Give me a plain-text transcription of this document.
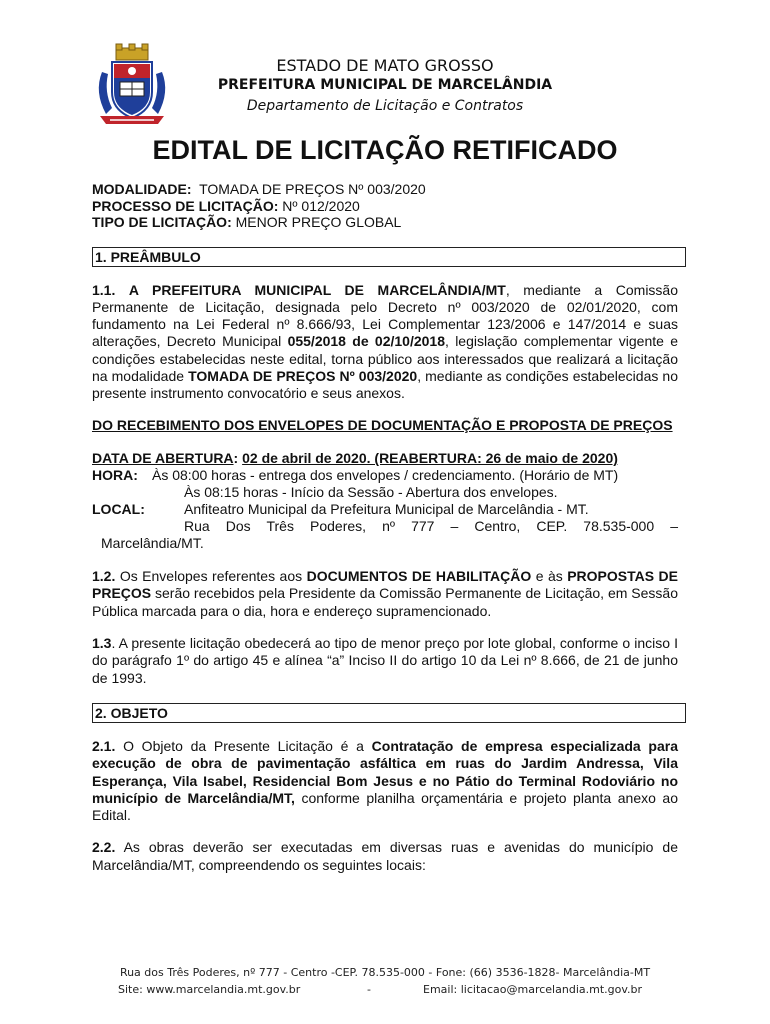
ESTADO DE MATO GROSSO

PREFEITURA MUNICIPAL DE MARCELÂNDIA

Departamento de Licitação e Contratos

EDITAL DE LICITAÇÃO RETIFICADO
MODALIDADE:  TOMADA DE PREÇOS Nº 003/2020
PROCESSO DE LICITAÇÃO: Nº 012/2020
TIPO DE LICITAÇÃO: MENOR PREÇO GLOBAL
1. PREÂMBULO

1.1. A PREFEITURA MUNICIPAL DE MARCELÂNDIA/MT, mediante a Comissão Permanente de Licitação, designada pelo Decreto nº 003/2020 de 02/01/2020, com fundamento na Lei Federal nº 8.666/93, Lei Complementar 123/2006 e 147/2014 e suas alterações, Decreto Municipal 055/2018 de 02/10/2018, legislação complementar vigente e condições estabelecidas neste edital, torna público aos interessados que realizará a licitação na modalidade TOMADA DE PREÇOS Nº 003/2020, mediante as condições estabelecidas no presente instrumento convocatório e seus anexos.

DO RECEBIMENTO DOS ENVELOPES DE DOCUMENTAÇÃO E PROPOSTA DE PREÇOS

DATA DE ABERTURA: 02 de abril de 2020. (REABERTURA: 26 de maio de 2020)

HORA:	Às 08:00 horas - entrega dos envelopes / credenciamento. (Horário de MT)
Às 08:15 horas - Início da Sessão - Abertura dos envelopes.
LOCAL:	Anfiteatro Municipal da Prefeitura Municipal de Marcelândia - MT.
Rua Dos Três Poderes, nº 777 – Centro, CEP. 78.535-000 –
Marcelândia/MT.

1.2. Os Envelopes referentes aos DOCUMENTOS DE HABILITAÇÃO e às PROPOSTAS DE PREÇOS serão recebidos pela Presidente da Comissão Permanente de Licitação, em Sessão Pública marcada para o dia, hora e endereço supramencionado.

1.3. A presente licitação obedecerá ao tipo de menor preço por lote global, conforme o inciso I do parágrafo 1º do artigo 45 e alínea “a” Inciso II do artigo 10 da Lei nº 8.666, de 21 de junho de 1993.

2. OBJETO

2.1. O Objeto da Presente Licitação é a Contratação de empresa especializada para execução de obra de pavimentação asfáltica em ruas do Jardim Andressa, Vila Esperança, Vila Isabel, Residencial Bom Jesus e no Pátio do Terminal Rodoviário no município de Marcelândia/MT, conforme planilha orçamentária e projeto planta anexo ao Edital.

2.2. As obras deverão ser executadas em diversas ruas e avenidas do município de Marcelândia/MT, compreendendo os seguintes locais:

Rua dos Três Poderes, nº 777 - Centro -CEP. 78.535-000 - Fone: (66) 3536-1828- Marcelândia-MT
Site: www.marcelandia.mt.gov.br	-	Email: licitacao@marcelandia.mt.gov.br
